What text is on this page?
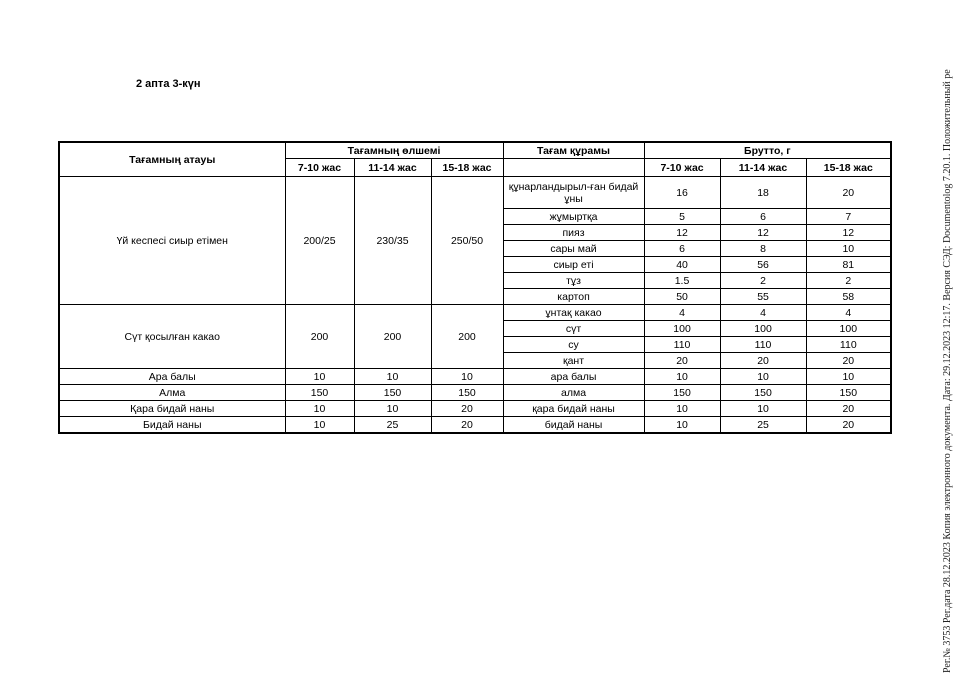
2 апта 3-күн
Тағамның атауы	Тағамның өлшемі			Тағам құрамы	Брутто, г		
	7-10 жас	11-14 жас	15-18 жас		7-10 жас	11-14 жас	15-18 жас
Үй кеспесі сиыр етімен	200/25	230/35	250/50	құнарландырыл-ған бидай ұны	16	18	20
				жұмыртқа	5	6	7
				пияз	12	12	12
				сары май	6	8	10
				сиыр еті	40	56	81
				тұз	1.5	2	2
				картоп	50	55	58
Сүт қосылған какао	200	200	200	ұнтақ какао	4	4	4
				сүт	100	100	100
				су	110	110	110
				қант	20	20	20
Ара балы	10	10	10	ара балы	10	10	10
Алма	150	150	150	алма	150	150	150
Қара бидай наны	10	10	20	қара бидай наны	10	10	20
Бидай наны	10	25	20	бидай наны	10	25	20	Рег.№ 3753 Рег.дата 28.12.2023 Копия электронного документа. Дата: 29.12.2023 12:17. Версия СЭД: Documentolog 7.20.1. Положительный ре
